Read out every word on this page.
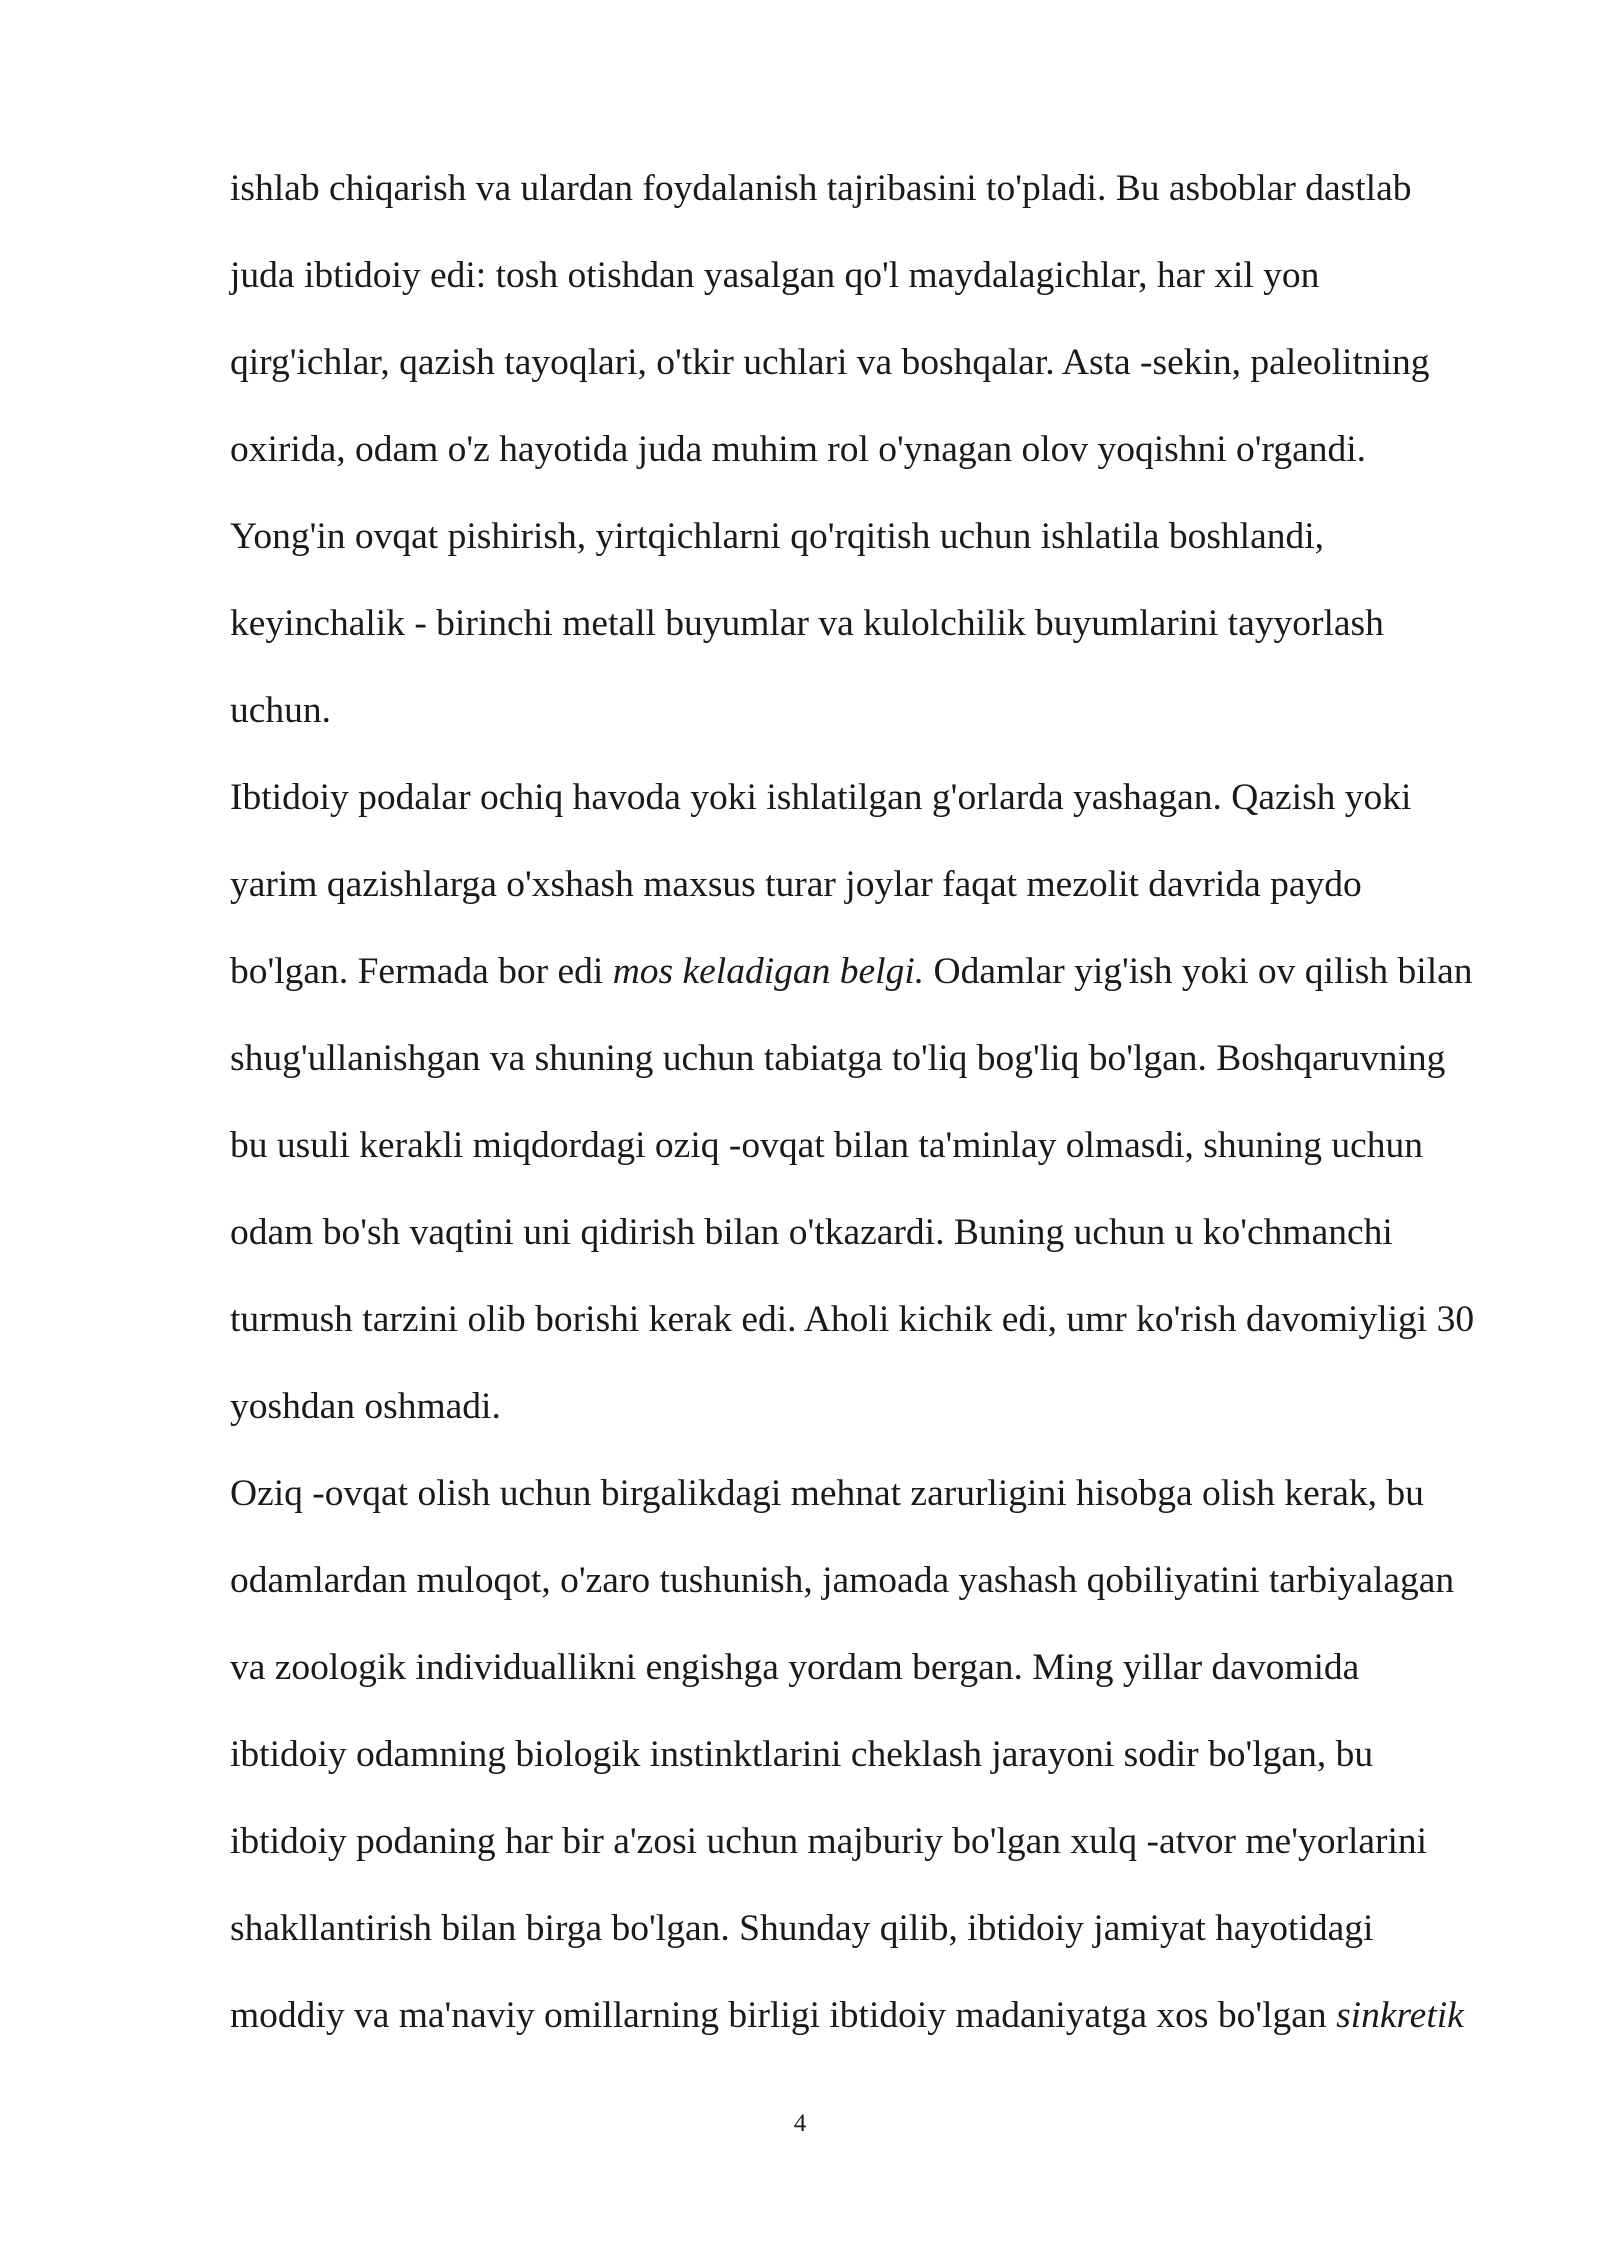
ishlab chiqarish va ulardan foydalanish tajribasini to'pladi. Bu asboblar dastlab
juda ibtidoiy edi: tosh otishdan yasalgan qo'l maydalagichlar, har xil yon
qirg'ichlar, qazish tayoqlari, o'tkir uchlari va boshqalar. Asta -sekin, paleolitning
oxirida, odam o'z hayotida juda muhim rol o'ynagan olov yoqishni o'rgandi.
Yong'in ovqat pishirish, yirtqichlarni qo'rqitish uchun ishlatila boshlandi,
keyinchalik - birinchi metall buyumlar va kulolchilik buyumlarini tayyorlash
uchun.
Ibtidoiy podalar ochiq havoda yoki ishlatilgan g'orlarda yashagan. Qazish yoki
yarim qazishlarga o'xshash maxsus turar joylar faqat mezolit davrida paydo
bo'lgan. Fermada bor edi mos keladigan belgi. Odamlar yig'ish yoki ov qilish bilan
shug'ullanishgan va shuning uchun tabiatga to'liq bog'liq bo'lgan. Boshqaruvning
bu usuli kerakli miqdordagi oziq -ovqat bilan ta'minlay olmasdi, shuning uchun
odam bo'sh vaqtini uni qidirish bilan o'tkazardi. Buning uchun u ko'chmanchi
turmush tarzini olib borishi kerak edi. Aholi kichik edi, umr ko'rish davomiyligi 30
yoshdan oshmadi.
Oziq -ovqat olish uchun birgalikdagi mehnat zarurligini hisobga olish kerak, bu
odamlardan muloqot, o'zaro tushunish, jamoada yashash qobiliyatini tarbiyalagan
va zoologik individuallikni engishga yordam bergan. Ming yillar davomida
ibtidoiy odamning biologik instinktlarini cheklash jarayoni sodir bo'lgan, bu
ibtidoiy podaning har bir a'zosi uchun majburiy bo'lgan xulq -atvor me'yorlarini
shakllantirish bilan birga bo'lgan. Shunday qilib, ibtidoiy jamiyat hayotidagi
moddiy va ma'naviy omillarning birligi ibtidoiy madaniyatga xos bo'lgan sinkretik
4
